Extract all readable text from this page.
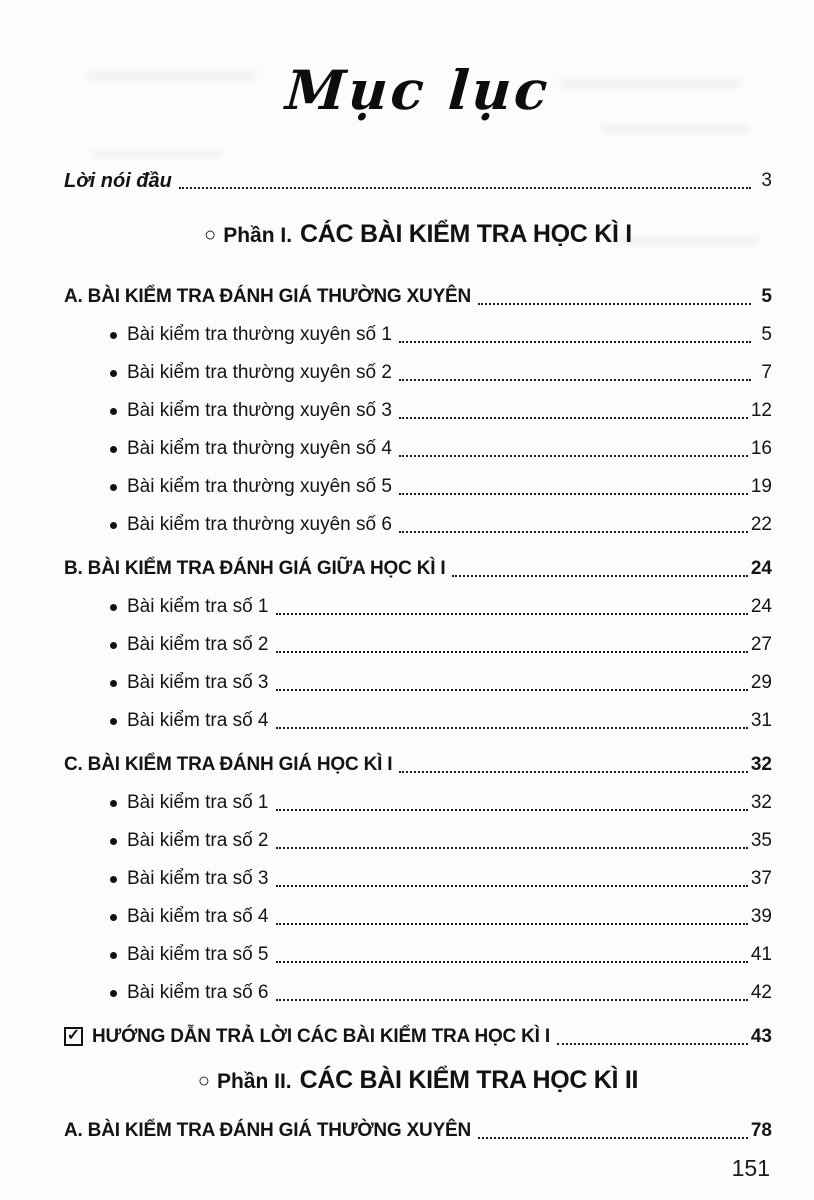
Mục lục
Lời nói đầu	3
○ Phần I. CÁC BÀI KIỂM TRA HỌC KÌ I
A. BÀI KIỂM TRA ĐÁNH GIÁ THƯỜNG XUYÊN	5
Bài kiểm tra thường xuyên số 1	5
Bài kiểm tra thường xuyên số 2	7
Bài kiểm tra thường xuyên số 3	12
Bài kiểm tra thường xuyên số 4	16
Bài kiểm tra thường xuyên số 5	19
Bài kiểm tra thường xuyên số 6	22
B. BÀI KIỂM TRA ĐÁNH GIÁ GIỮA HỌC KÌ I	24
Bài kiểm tra số 1	24
Bài kiểm tra số 2	27
Bài kiểm tra số 3	29
Bài kiểm tra số 4	31
C. BÀI KIỂM TRA ĐÁNH GIÁ HỌC KÌ I	32
Bài kiểm tra số 1	32
Bài kiểm tra số 2	35
Bài kiểm tra số 3	37
Bài kiểm tra số 4	39
Bài kiểm tra số 5	41
Bài kiểm tra số 6	42
✓ HƯỚNG DẪN TRẢ LỜI CÁC BÀI KIỂM TRA HỌC KÌ I	43
○ Phần II. CÁC BÀI KIỂM TRA HỌC KÌ II
A. BÀI KIỂM TRA ĐÁNH GIÁ THƯỜNG XUYÊN	78
151
